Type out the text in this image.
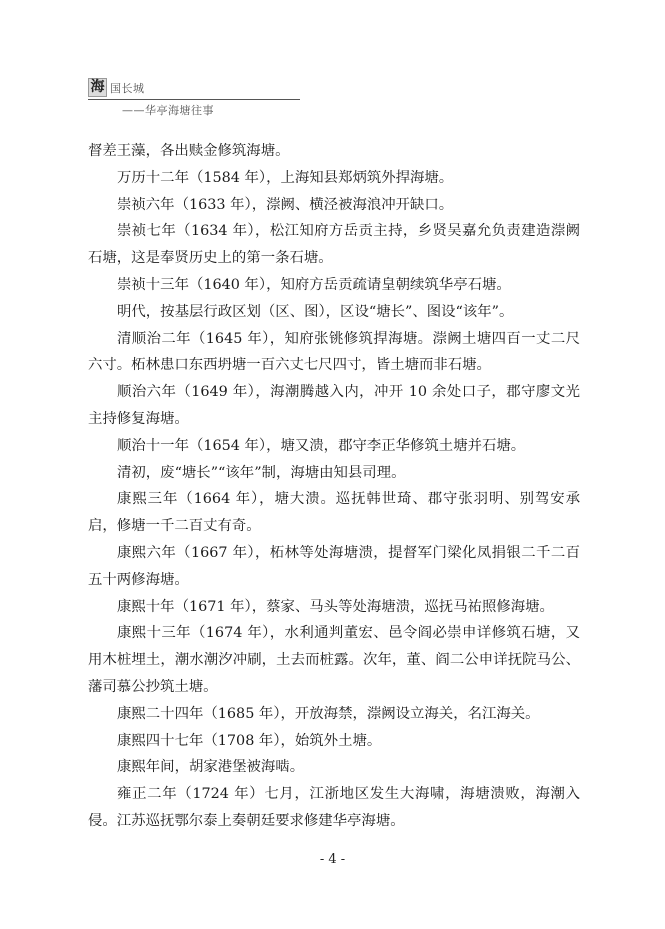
海 国长城
——华亭海塘往事

督差王藻，各出赎金修筑海塘。

万历十二年（1584 年），上海知县郑炳筑外捍海塘。

崇祯六年（1633 年），漴阙、横泾被海浪冲开缺口。

崇祯七年（1634 年），松江知府方岳贡主持，乡贤吴嘉允负责建造漴阙石塘，这是奉贤历史上的第一条石塘。

崇祯十三年（1640 年），知府方岳贡疏请皇朝续筑华亭石塘。

明代，按基层行政区划（区、图），区设“塘长”、图设“该年”。

清顺治二年（1645 年），知府张铫修筑捍海塘。漴阙土塘四百一丈二尺六寸。柘林患口东西坍塘一百六丈七尺四寸，皆土塘而非石塘。

顺治六年（1649 年），海潮腾越入内，冲开 10 余处口子，郡守廖文光主持修复海塘。

顺治十一年（1654 年），塘又溃，郡守李正华修筑土塘并石塘。

清初，废“塘长”“该年”制，海塘由知县司理。

康熙三年（1664 年），塘大溃。巡抚韩世琦、郡守张羽明、别驾安承启，修塘一千二百丈有奇。

康熙六年（1667 年），柘林等处海塘溃，提督军门梁化凤捐银二千二百五十两修海塘。

康熙十年（1671 年），蔡家、马头等处海塘溃，巡抚马祐照修海塘。

康熙十三年（1674 年），水利通判董宏、邑令阎必崇申详修筑石塘，又用木桩埋土，潮水潮汐冲刷，土去而桩露。次年，董、阎二公申详抚院马公、藩司慕公抄筑土塘。

康熙二十四年（1685 年），开放海禁，漴阙设立海关，名江海关。

康熙四十七年（1708 年），始筑外土塘。

康熙年间，胡家港堡被海啮。

雍正二年（1724 年）七月，江浙地区发生大海啸，海塘溃败，海潮入侵。江苏巡抚鄂尔泰上奏朝廷要求修建华亭海塘。

- 4 -
